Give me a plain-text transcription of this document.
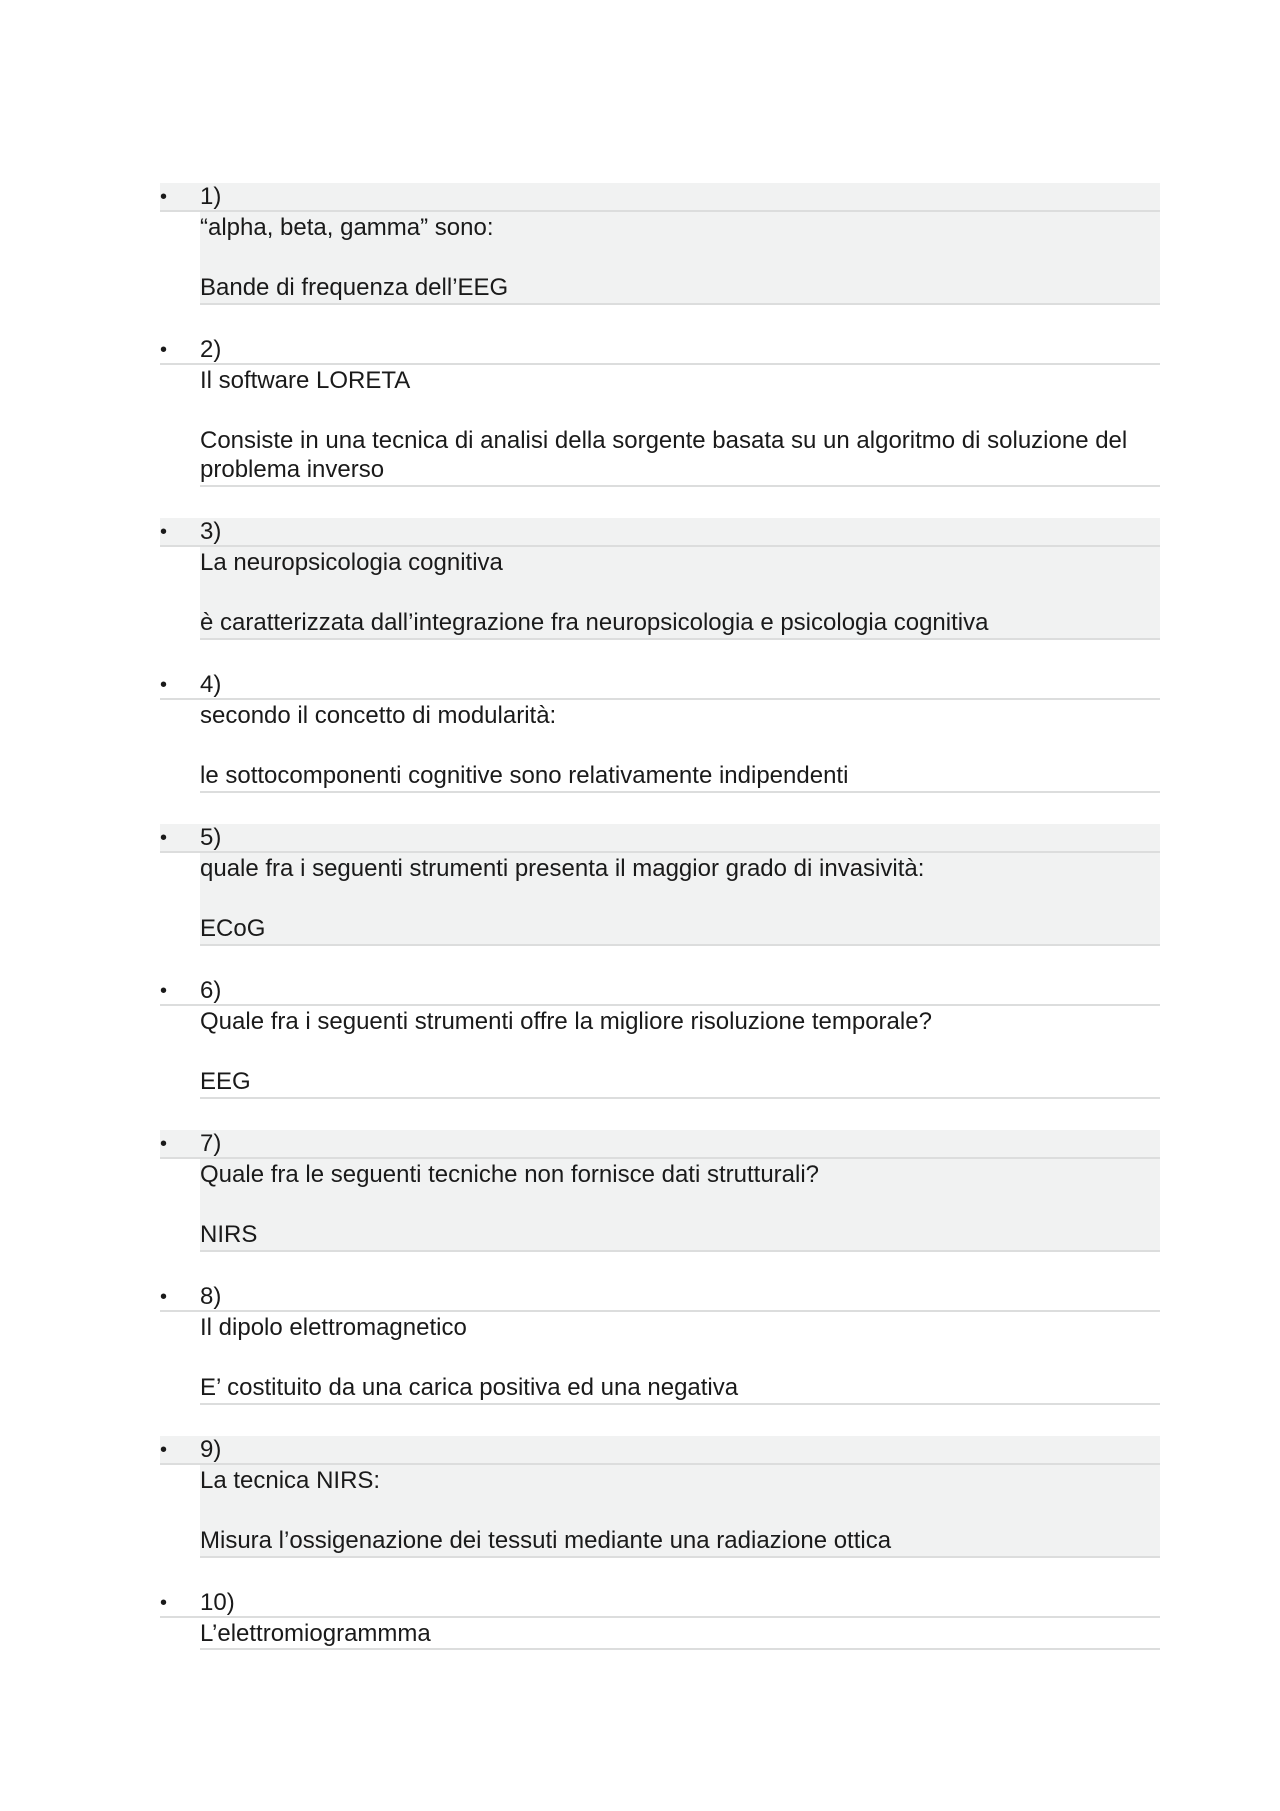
•	1)
“alpha, beta, gamma” sono:
Bande di frequenza dell’EEG
•	2)
Il software LORETA
Consiste in una tecnica di analisi della sorgente basata su un algoritmo di soluzione del problema inverso
•	3)
La neuropsicologia cognitiva
è caratterizzata dall’integrazione fra neuropsicologia e psicologia cognitiva
•	4)
secondo il concetto di modularità:
le sottocomponenti cognitive sono relativamente indipendenti
•	5)
quale fra i seguenti strumenti presenta il maggior grado di invasività:
ECoG
•	6)
Quale fra i seguenti strumenti offre la migliore risoluzione temporale?
EEG
•	7)
Quale fra le seguenti tecniche non fornisce dati strutturali?
NIRS
•	8)
Il dipolo elettromagnetico
E’ costituito da una carica positiva ed una negativa
•	9)
La tecnica NIRS:
Misura l’ossigenazione dei tessuti mediante una radiazione ottica
•	10)
L’elettromiogrammma
